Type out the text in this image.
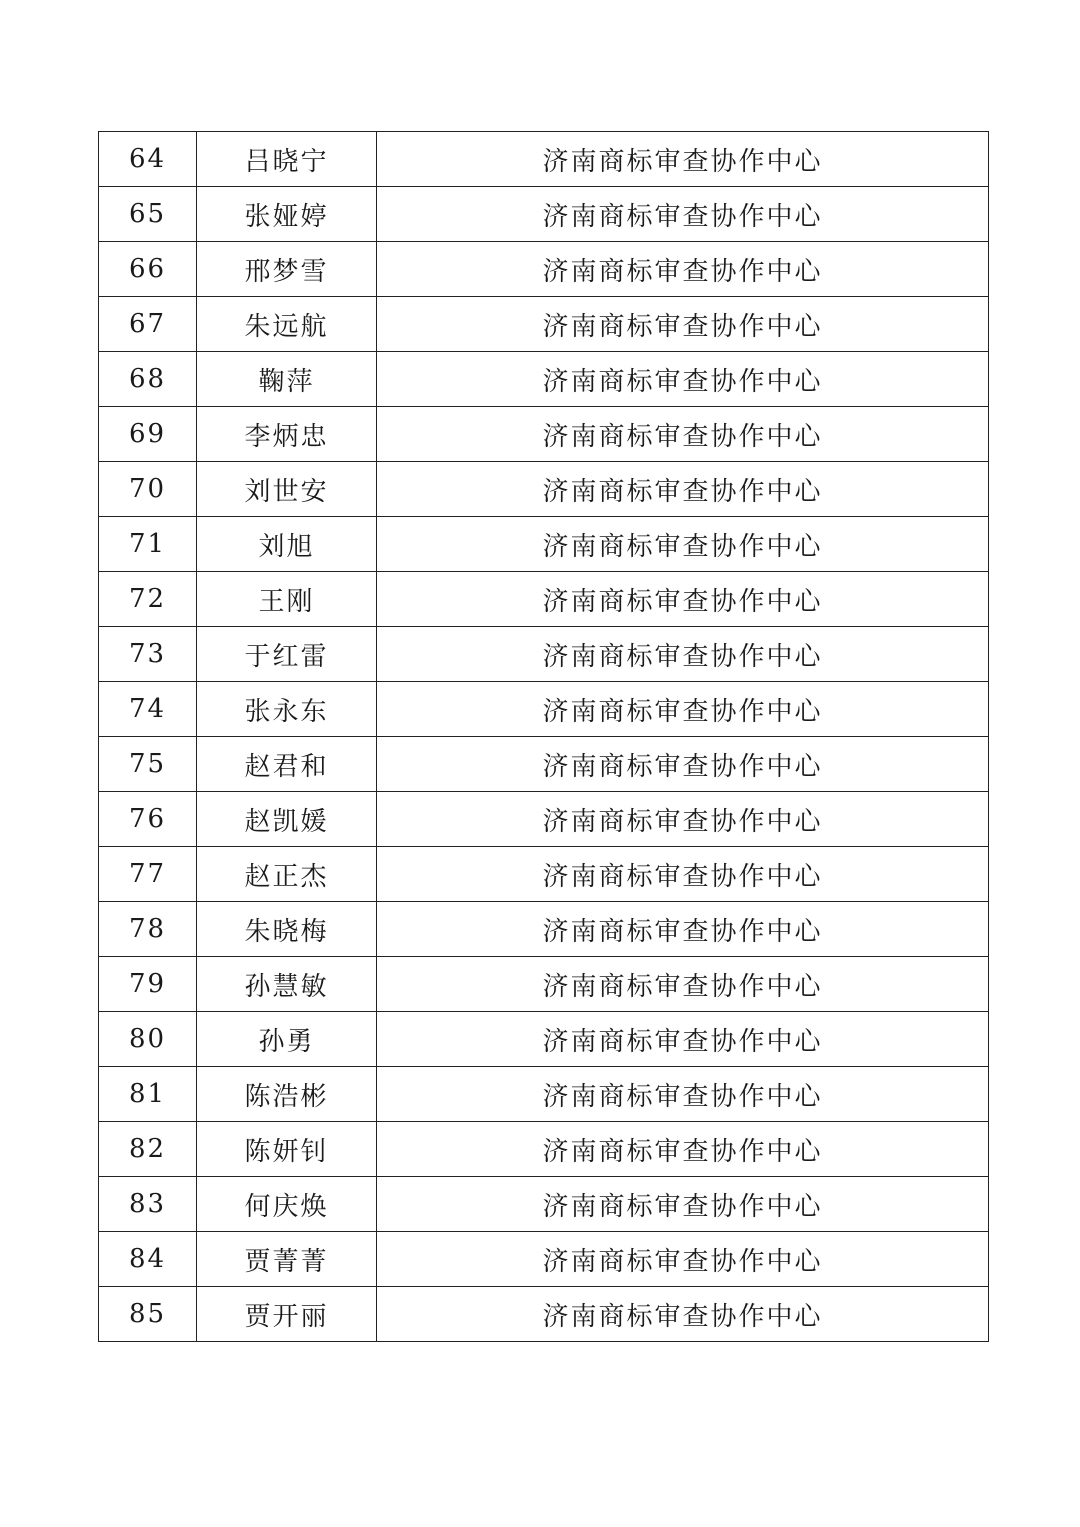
64	吕晓宁	济南商标审查协作中心
65	张娅婷	济南商标审查协作中心
66	邢梦雪	济南商标审查协作中心
67	朱远航	济南商标审查协作中心
68	鞠萍	济南商标审查协作中心
69	李炳忠	济南商标审查协作中心
70	刘世安	济南商标审查协作中心
71	刘旭	济南商标审查协作中心
72	王刚	济南商标审查协作中心
73	于红雷	济南商标审查协作中心
74	张永东	济南商标审查协作中心
75	赵君和	济南商标审查协作中心
76	赵凯媛	济南商标审查协作中心
77	赵正杰	济南商标审查协作中心
78	朱晓梅	济南商标审查协作中心
79	孙慧敏	济南商标审查协作中心
80	孙勇	济南商标审查协作中心
81	陈浩彬	济南商标审查协作中心
82	陈妍钊	济南商标审查协作中心
83	何庆焕	济南商标审查协作中心
84	贾菁菁	济南商标审查协作中心
85	贾开丽	济南商标审查协作中心
